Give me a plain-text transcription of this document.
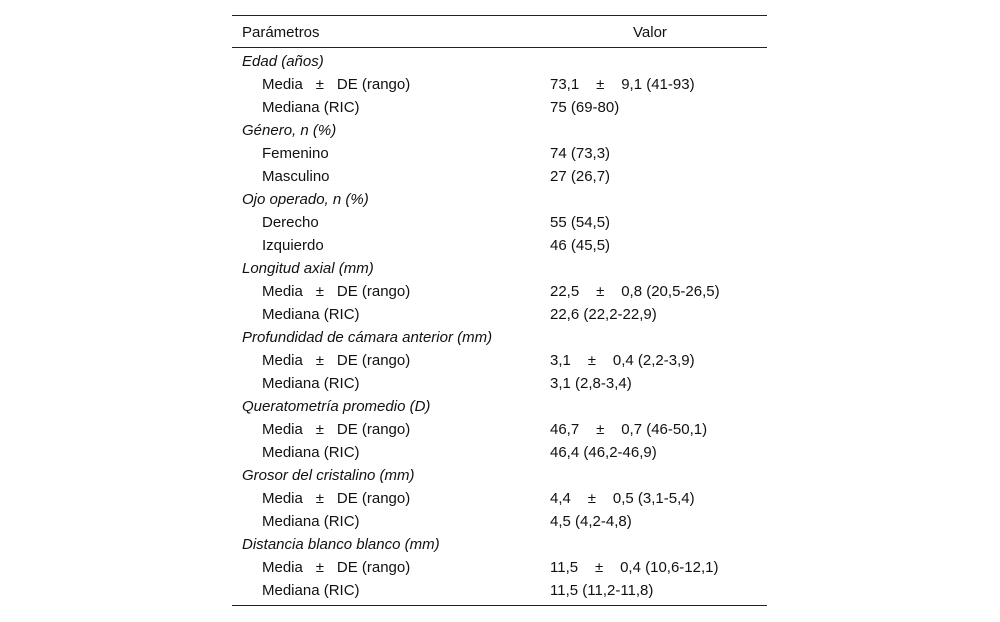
Parámetros	Valor
Edad (años)
Media ± DE (rango)	73,1 ± 9,1 (41-93)
Mediana (RIC)	75 (69-80)
Género, n (%)
Femenino	74 (73,3)
Masculino	27 (26,7)
Ojo operado, n (%)
Derecho	55 (54,5)
Izquierdo	46 (45,5)
Longitud axial (mm)
Media ± DE (rango)	22,5 ± 0,8 (20,5-26,5)
Mediana (RIC)	22,6 (22,2-22,9)
Profundidad de cámara anterior (mm)
Media ± DE (rango)	3,1 ± 0,4 (2,2-3,9)
Mediana (RIC)	3,1 (2,8-3,4)
Queratometría promedio (D)
Media ± DE (rango)	46,7 ± 0,7 (46-50,1)
Mediana (RIC)	46,4 (46,2-46,9)
Grosor del cristalino (mm)
Media ± DE (rango)	4,4 ± 0,5 (3,1-5,4)
Mediana (RIC)	4,5 (4,2-4,8)
Distancia blanco blanco (mm)
Media ± DE (rango)	11,5 ± 0,4 (10,6-12,1)
Mediana (RIC)	11,5 (11,2-11,8)
